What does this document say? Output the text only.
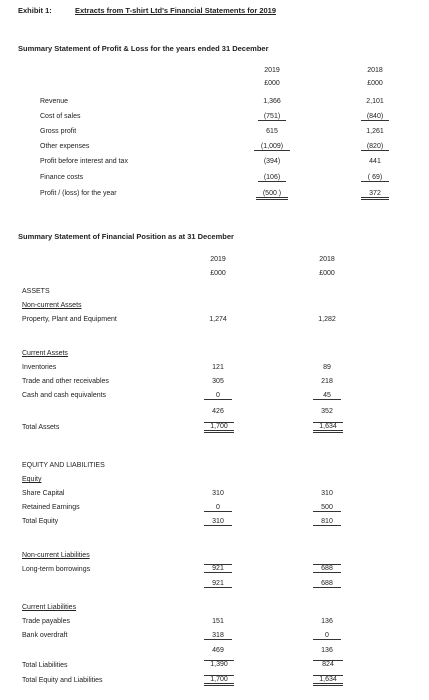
Exhibit 1:	Extracts from T-shirt Ltd's Financial Statements for 2019
Summary Statement of Profit & Loss for the years ended 31 December
2019
£000
2018
£000
Revenue	1,366	2,101
Cost of sales	(751)	(840)
Gross profit	615	1,261
Other expenses	(1,009)	(820)
Profit before interest and tax	(394)	441
Finance costs	(106)	( 69)
Profit / (loss) for the year	(500 )	372
Summary Statement of Financial Position as at 31 December
2019
£000
2018
£000
ASSETS
Non-current Assets
Property, Plant and Equipment	1,274	1,282
Current Assets
Inventories	121	89
Trade and other receivables	305	218
Cash and cash equivalents	0	45
426	352
Total Assets	1,700	1,634
EQUITY AND LIABILITIES
Equity
Share Capital	310	310
Retained Earnings	0	500
Total Equity	310	810
Non-current Liabilities
Long-term borrowings	921	688
921	688
Current Liabilities
Trade payables	151	136
Bank overdraft	318	0
469	136
Total Liabilities	1,390	824
Total Equity and Liabilities	1,700	1,634
